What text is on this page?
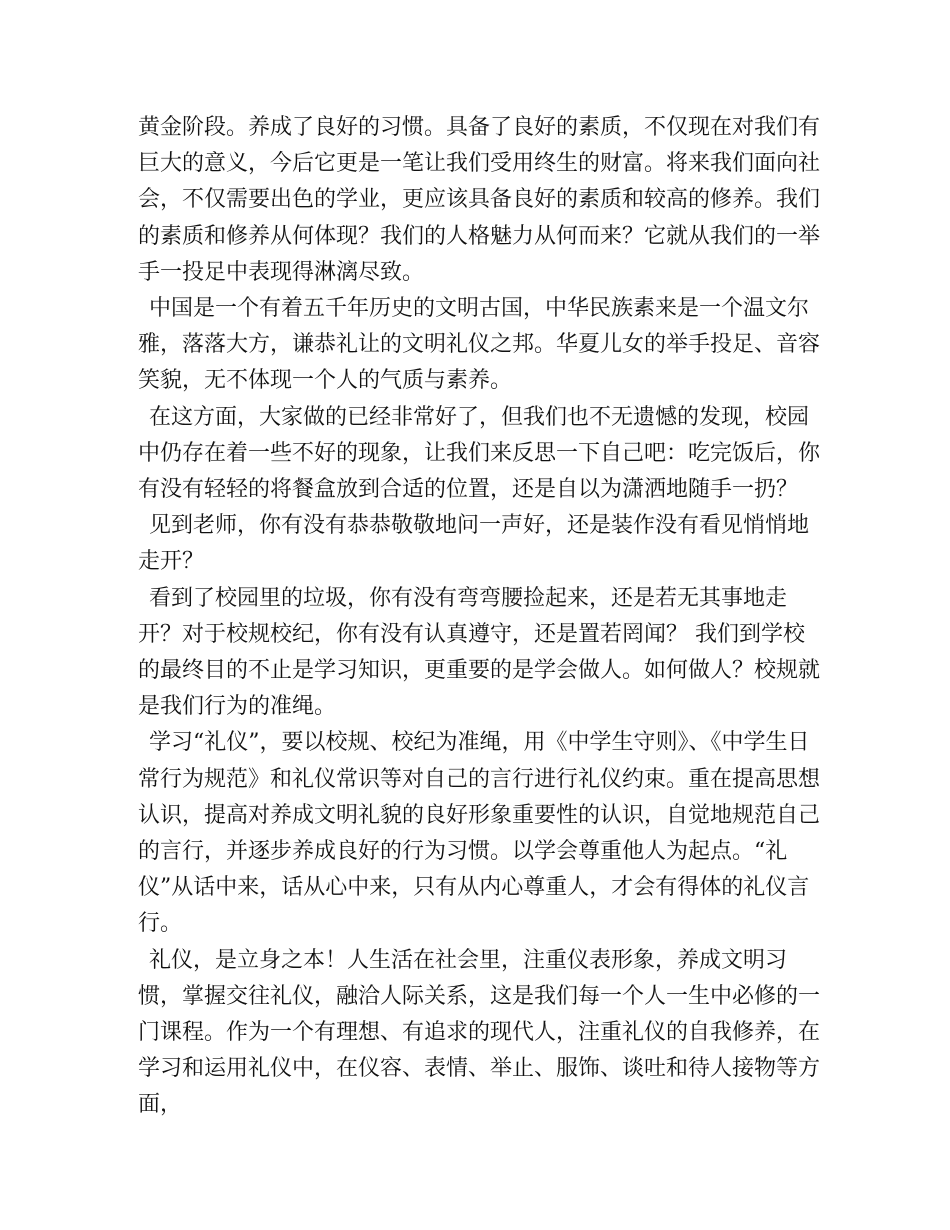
黄金阶段。养成了良好的习惯。具备了良好的素质，不仅现在对我们有巨大的意义，今后它更是一笔让我们受用终生的财富。将来我们面向社会，不仅需要出色的学业，更应该具备良好的素质和较高的修养。我们的素质和修养从何体现？我们的人格魅力从何而来？它就从我们的一举手一投足中表现得淋漓尽致。

中国是一个有着五千年历史的文明古国，中华民族素来是一个温文尔雅，落落大方，谦恭礼让的文明礼仪之邦。华夏儿女的举手投足、音容笑貌，无不体现一个人的气质与素养。

在这方面，大家做的已经非常好了，但我们也不无遗憾的发现，校园中仍存在着一些不好的现象，让我们来反思一下自己吧：吃完饭后，你有没有轻轻的将餐盒放到合适的位置，还是自以为潇洒地随手一扔？

见到老师，你有没有恭恭敬敬地问一声好，还是装作没有看见悄悄地走开？

看到了校园里的垃圾，你有没有弯弯腰捡起来，还是若无其事地走开？对于校规校纪，你有没有认真遵守，还是置若罔闻？ 我们到学校的最终目的不止是学习知识，更重要的是学会做人。如何做人？校规就是我们行为的准绳。

学习“礼仪”，要以校规、校纪为准绳，用《中学生守则》、《中学生日常行为规范》和礼仪常识等对自己的言行进行礼仪约束。重在提高思想认识，提高对养成文明礼貌的良好形象重要性的认识，自觉地规范自己的言行，并逐步养成良好的行为习惯。以学会尊重他人为起点。“礼仪”从话中来，话从心中来，只有从内心尊重人，才会有得体的礼仪言行。

礼仪，是立身之本！人生活在社会里，注重仪表形象，养成文明习惯，掌握交往礼仪，融洽人际关系，这是我们每一个人一生中必修的一门课程。作为一个有理想、有追求的现代人，注重礼仪的自我修养，在学习和运用礼仪中，在仪容、表情、举止、服饰、谈吐和待人接物等方面，
